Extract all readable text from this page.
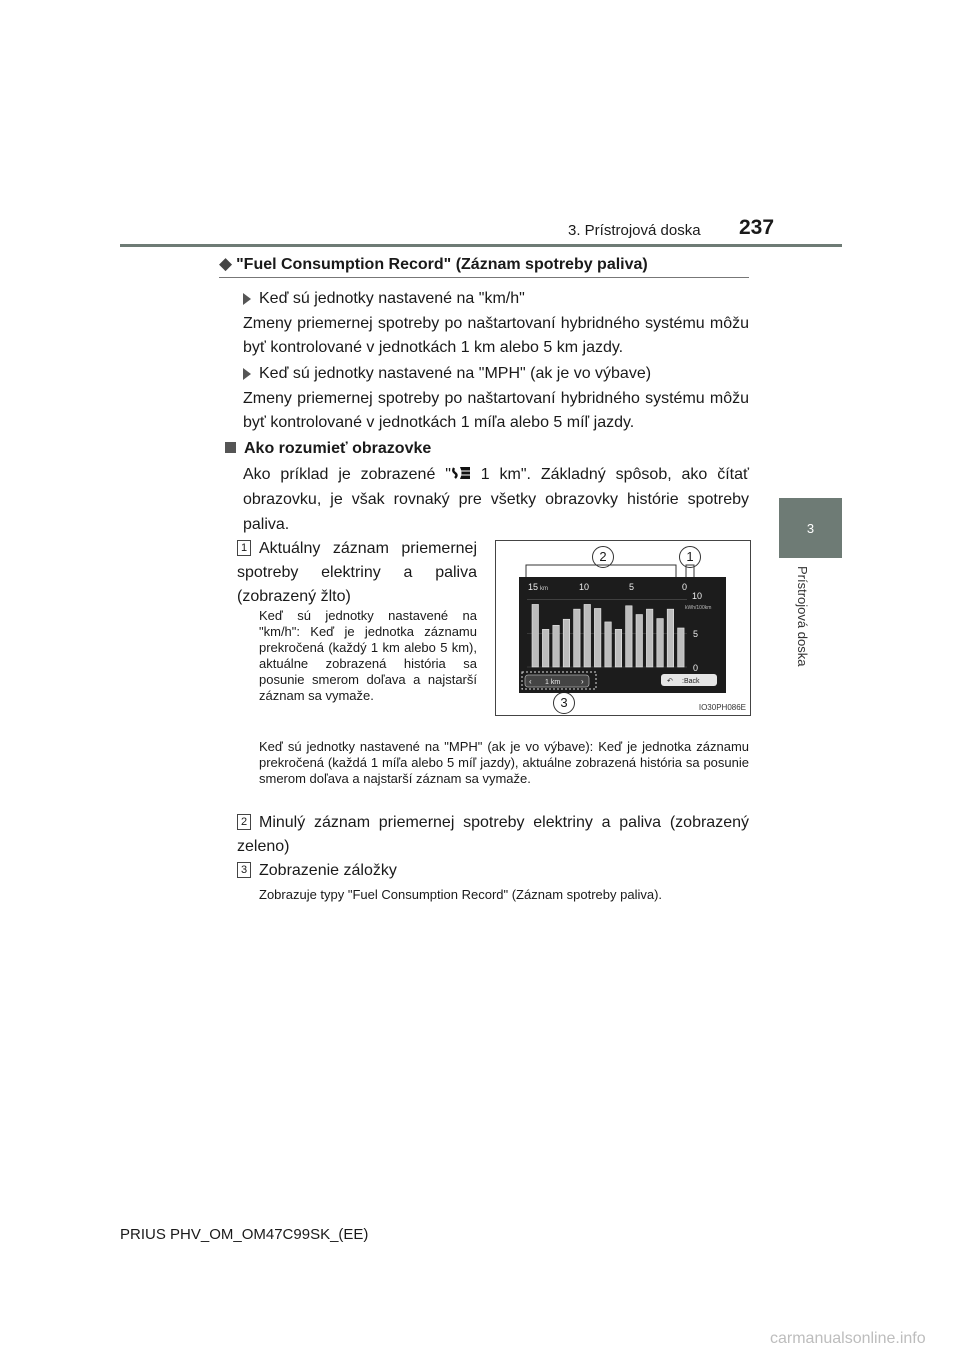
3. Prístrojová doska 237
3
Prístrojová doska
◆ "Fuel Consumption Record" (Záznam spotreby paliva)
Keď sú jednotky nastavené na "km/h"
Zmeny priemernej spotreby po naštartovaní hybridného systému môžu byť kontrolované v jednotkách 1 km alebo 5 km jazdy.
Keď sú jednotky nastavené na "MPH" (ak je vo výbave)
Zmeny priemernej spotreby po naštartovaní hybridného systému môžu byť kontrolované v jednotkách 1 míľa alebo 5 míľ jazdy.
Ako rozumieť obrazovke
Ako príklad je zobrazené " 1 km". Základný spôsob, ako čítať obrazovku, je však rovnaký pre všetky obrazovky histórie spotreby paliva.
1 Aktuálny záznam priemernej spotreby elektriny a paliva (zobrazený žlto)
Keď sú jednotky nastavené na "km/h": Keď je jednotka záznamu prekročená (každý 1 km alebo 5 km), aktuálne zobrazená história sa posunie smerom doľava a najstarší záznam sa vymaže.
Keď sú jednotky nastavené na "MPH" (ak je vo výbave): Keď je jednotka záznamu prekročená (každá 1 míľa alebo 5 míľ jazdy), aktuálne zobrazená história sa posunie smerom doľava a najstarší záznam sa vymaže.
2 Minulý záznam priemernej spotreby elektriny a paliva (zobrazený zeleno)
3 Zobrazenie záložky
Zobrazuje typy "Fuel Consumption Record" (Záznam spotreby paliva).
2	1
3
15 km	10	5	0
10
kWh/100km
5
0
‹ 1 km	›	↶ :Back
IO30PH086E
PRIUS PHV_OM_OM47C99SK_(EE)
carmanualsonline.info
